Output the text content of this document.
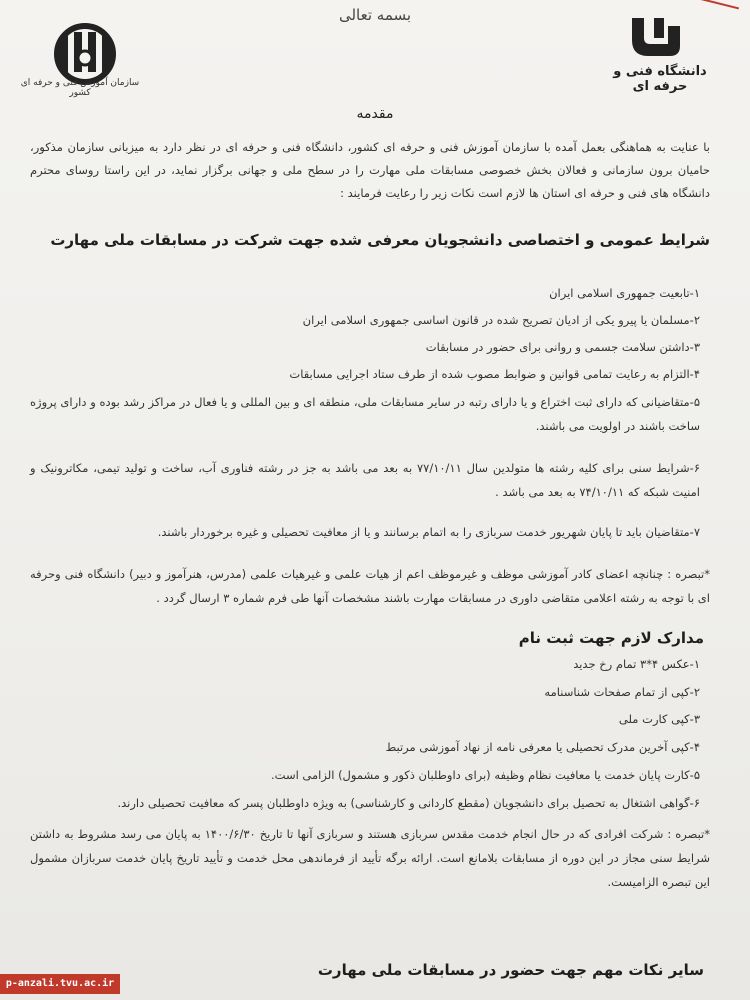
بسمه تعالی
سازمان آموزش فنی و حرفه ای کشور
دانشگاه فنی و حرفه ای
مقدمه
با عنایت به هماهنگی بعمل آمده با سازمان آموزش فنی و حرفه ای کشور، دانشگاه فنی و حرفه ای در نظر دارد به میزبانی سازمان مذکور، حامیان برون سازمانی و فعالان بخش خصوصی مسابقات ملی مهارت را در سطح ملی و جهانی برگزار نماید، در این راستا روسای محترم دانشگاه های فنی و حرفه ای استان ها لازم است نکات زیر را رعایت فرمایند :
شرایط عمومی و اختصاصی دانشجویان معرفی شده جهت شرکت در مسابقات ملی مهارت
۱-تابعیت جمهوری اسلامی ایران
۲-مسلمان یا پیرو یکی از ادیان تصریح شده در قانون اساسی جمهوری اسلامی ایران
۳-داشتن سلامت جسمی و روانی برای حضور در مسابقات
۴-التزام به رعایت تمامی قوانین و ضوابط مصوب شده از طرف ستاد اجرایی مسابقات
۵-متقاضیانی که دارای ثبت اختراع و یا دارای رتبه در سایر مسابقات ملی، منطقه ای و بین المللی و یا فعال در مراکز رشد بوده و دارای پروژه ساخت باشند در اولویت می باشند.
۶-شرایط سنی برای کلیه رشته ها متولدین سال ۷۷/۱۰/۱۱ به بعد می باشد به جز در رشته فناوری آب، ساخت و تولید تیمی، مکاترونیک و امنیت شبکه که ۷۴/۱۰/۱۱ به بعد می باشد .
۷-متقاضیان باید تا پایان شهریور خدمت سربازی را به اتمام برسانند و یا از معافیت تحصیلی و غیره برخوردار باشند.
*تبصره : چنانچه اعضای کادر آموزشی موظف و غیرموظف اعم از هیات علمی و غیرهیات علمی (مدرس، هنرآموز و دبیر) دانشگاه فنی وحرفه ای با توجه به رشته اعلامی متقاضی داوری در مسابقات مهارت باشند مشخصات آنها طی فرم شماره ۳ ارسال گردد .
مدارک لازم جهت ثبت نام
۱-عکس ۴*۳ تمام رخ جدید
۲-کپی از تمام صفحات شناسنامه
۳-کپی کارت ملی
۴-کپی آخرین مدرک تحصیلی یا معرفی نامه از نهاد آموزشی مرتبط
۵-کارت پایان خدمت یا معافیت نظام وظیفه (برای داوطلبان ذکور و مشمول) الزامی است.
۶-گواهی اشتغال به تحصیل برای دانشجویان (مقطع کاردانی و کارشناسی) به ویژه داوطلبان پسر که معافیت تحصیلی دارند.
*تبصره : شرکت افرادی که در حال انجام خدمت مقدس سربازی هستند و سربازی آنها تا تاریخ ۱۴۰۰/۶/۳۰ به پایان می رسد مشروط به داشتن شرایط سنی مجاز در این دوره از مسابقات بلامانع است. ارائه برگه تأیید از فرماندهی محل خدمت و تأیید تاریخ پایان خدمت سربازان مشمول این تبصره الزامیست.
سایر نکات مهم جهت حضور در مسابقات ملی مهارت
p-anzali.tvu.ac.ir
